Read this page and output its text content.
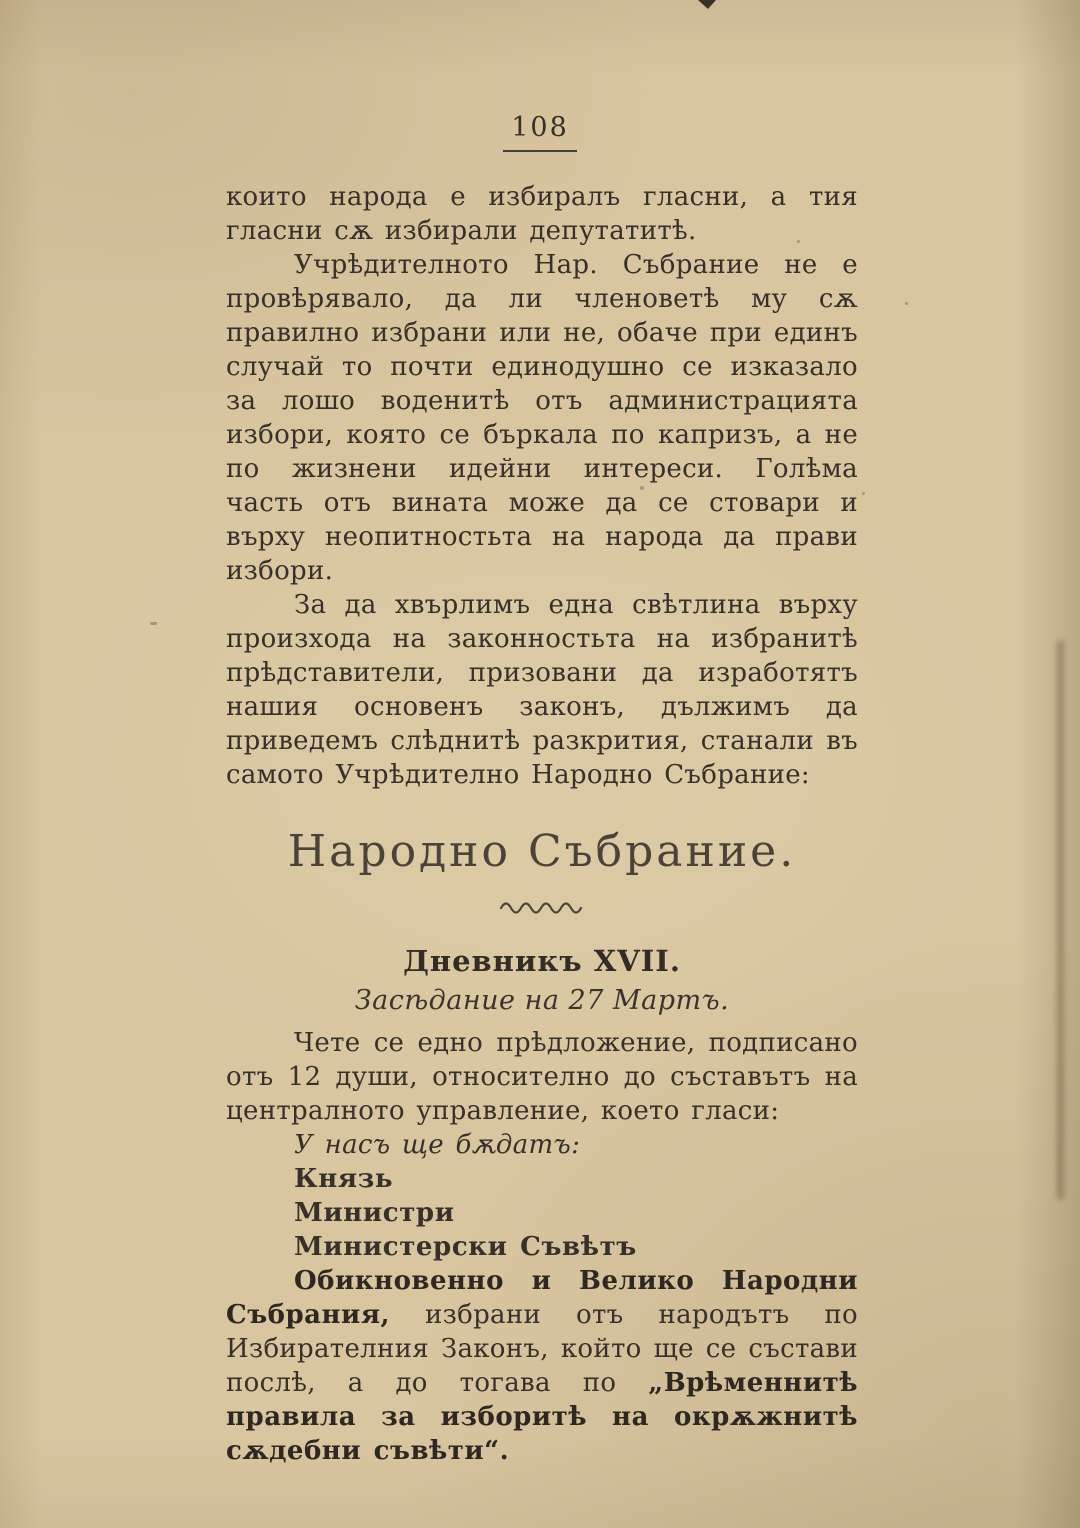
108

които народа е избиралъ гласни, а тия гласни сѫ избирали депутатитѣ.

Учрѣдителното Нар. Събрание не е провѣрявало, да ли членоветѣ му сѫ правилно избрани или не, обаче при единъ случай то почти единодушно се изказало за лошо воденитѣ отъ администрацията избори, която се бъркала по капризъ, а не по жизнени идейни интереси. Голѣма часть отъ вината може да се стовари и върху неопитностьта на народа да прави избори.

За да хвърлимъ една свѣтлина върху произхода на законностьта на избранитѣ прѣдставители, призовани да изработятъ нашия основенъ законъ, дължимъ да приведемъ слѣднитѣ разкрития, станали въ самото Учрѣдително Народно Събрание:

Народно Събрание.
Дневникъ XVII.
Засѣдание на 27 Мартъ.

Чете се едно прѣдложение, подписано отъ 12 души, относително до съставътъ на централното управление, което гласи:

У насъ ще бѫдатъ:

Князь

Министри

Министерски Съвѣтъ

Обикновенно и Велико Народни Събрания, избрани отъ народътъ по Избирателния Законъ, който ще се състави послѣ, а до тогава по „Врѣменнитѣ правила за изборитѣ на окрѫжнитѣ сѫдебни съвѣти“.
